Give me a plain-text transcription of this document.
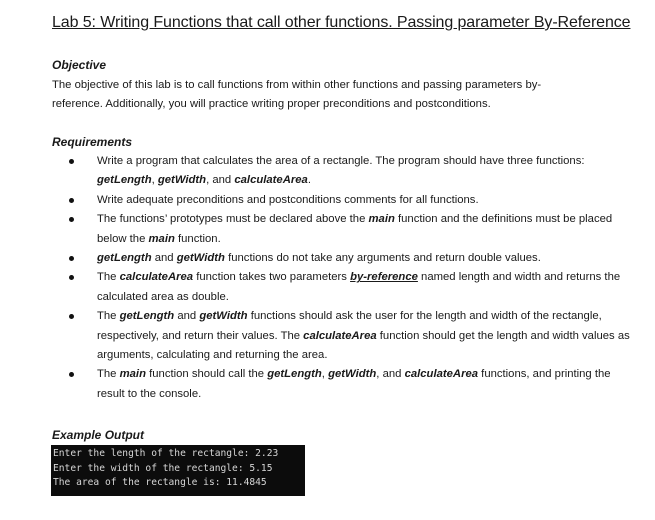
Lab 5: Writing Functions that call other functions. Passing parameter By-Reference
Objective
The objective of this lab is to call functions from within other functions and passing parameters by-
reference. Additionally, you will practice writing proper preconditions and postconditions.
Requirements
Write a program that calculates the area of a rectangle. The program should have three functions: getLength, getWidth, and calculateArea.
Write adequate preconditions and postconditions comments for all functions.
The functions’ prototypes must be declared above the main function and the definitions must be placed below the main function.
getLength and getWidth functions do not take any arguments and return double values.
The calculateArea function takes two parameters by-reference named length and width and returns the calculated area as double.
The getLength and getWidth functions should ask the user for the length and width of the rectangle, respectively, and return their values. The calculateArea function should get the length and width values as arguments, calculating and returning the area.
The main function should call the getLength, getWidth, and calculateArea functions, and printing the result to the console.
Example Output
Enter the length of the rectangle: 2.23
Enter the width of the rectangle: 5.15
The area of the rectangle is: 11.4845
